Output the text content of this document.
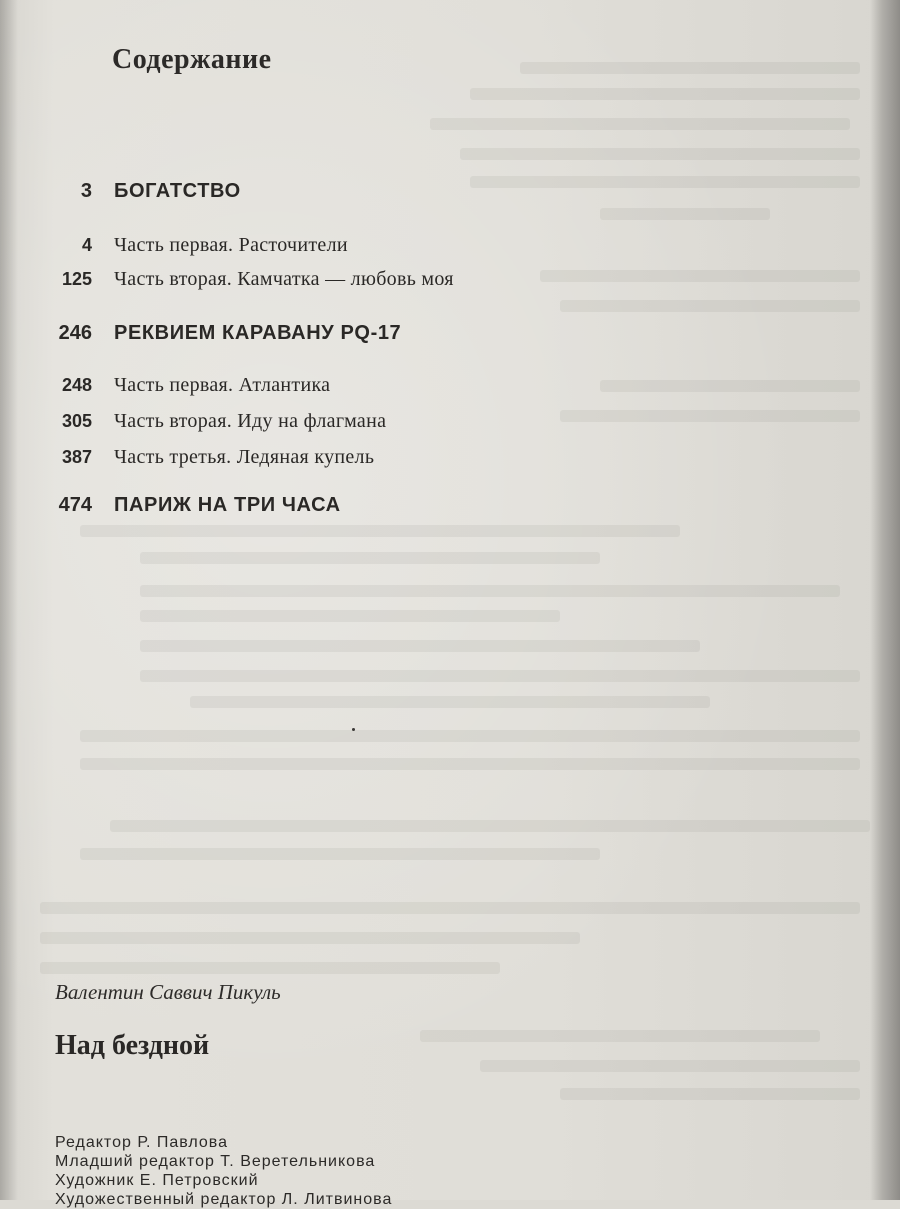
Содержание
3 БОГАТСТВО
4 Часть первая. Расточители
125 Часть вторая. Камчатка — любовь моя
246 РЕКВИЕМ КАРАВАНУ PQ-17
248 Часть первая. Атлантика
305 Часть вторая. Иду на флагмана
387 Часть третья. Ледяная купель
474 ПАРИЖ НА ТРИ ЧАСА
Валентин Саввич Пикуль
Над бездной
Редактор Р. Павлова
Младший редактор Т. Веретельникова
Художник Е. Петровский
Художественный редактор Л. Литвинова
